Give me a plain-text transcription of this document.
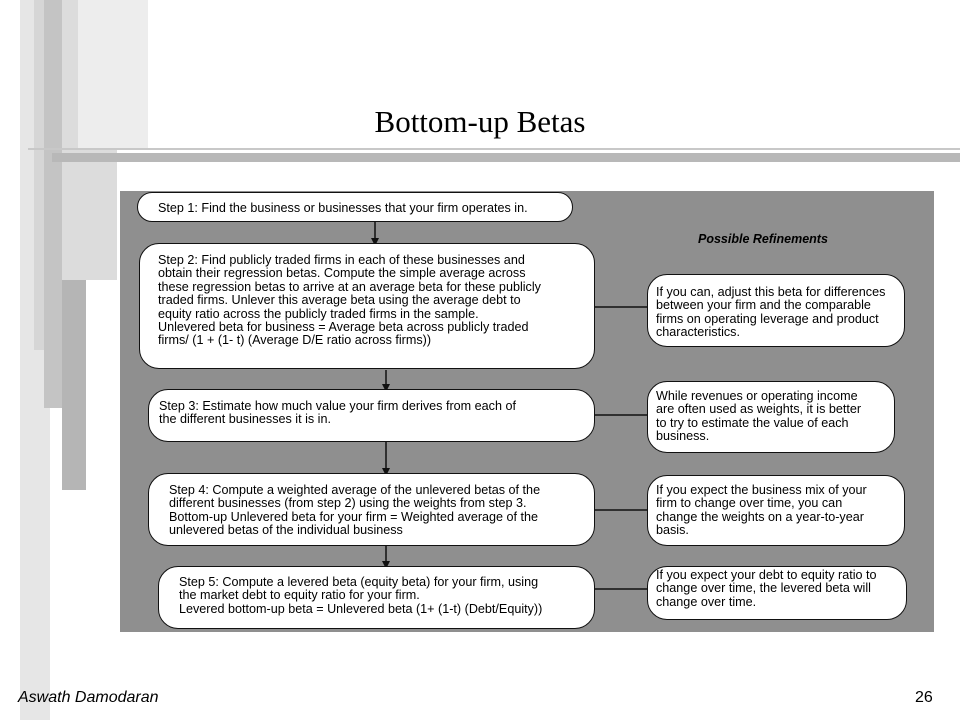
Bottom-up Betas
Step 1: Find the business or businesses that your firm operates in.
Step 2: Find publicly traded firms in each of these businesses and
obtain their regression betas. Compute the simple average across
these regression betas to arrive at an average beta for these publicly
traded firms. Unlever this average beta using the average debt to
equity ratio across the publicly traded firms in the sample.
Unlevered beta for business = Average beta across publicly traded
firms/ (1 + (1- t) (Average D/E ratio across firms))
Step 3: Estimate how much value your firm derives from each of
the different businesses it is in.
Step 4: Compute a weighted average of the unlevered betas of the
different businesses (from step 2) using the weights from step 3.
Bottom-up Unlevered beta for your firm = Weighted average of the
unlevered betas of the individual business
Step 5: Compute a levered beta (equity beta) for your firm, using
the market debt to equity ratio for your firm.
Levered bottom-up beta = Unlevered beta (1+ (1-t) (Debt/Equity))
Possible Refinements
If you can, adjust this beta for differences
between your firm and the comparable
firms on operating leverage and product
characteristics.
While revenues or operating income
are often used as weights, it is better
to try to estimate the value of each
business.
If you expect the business mix of your
firm to change over time, you can
change the weights on a year-to-year
basis.
If you expect your debt to equity ratio to
change over time, the levered beta will
change over time.
Aswath Damodaran	26
